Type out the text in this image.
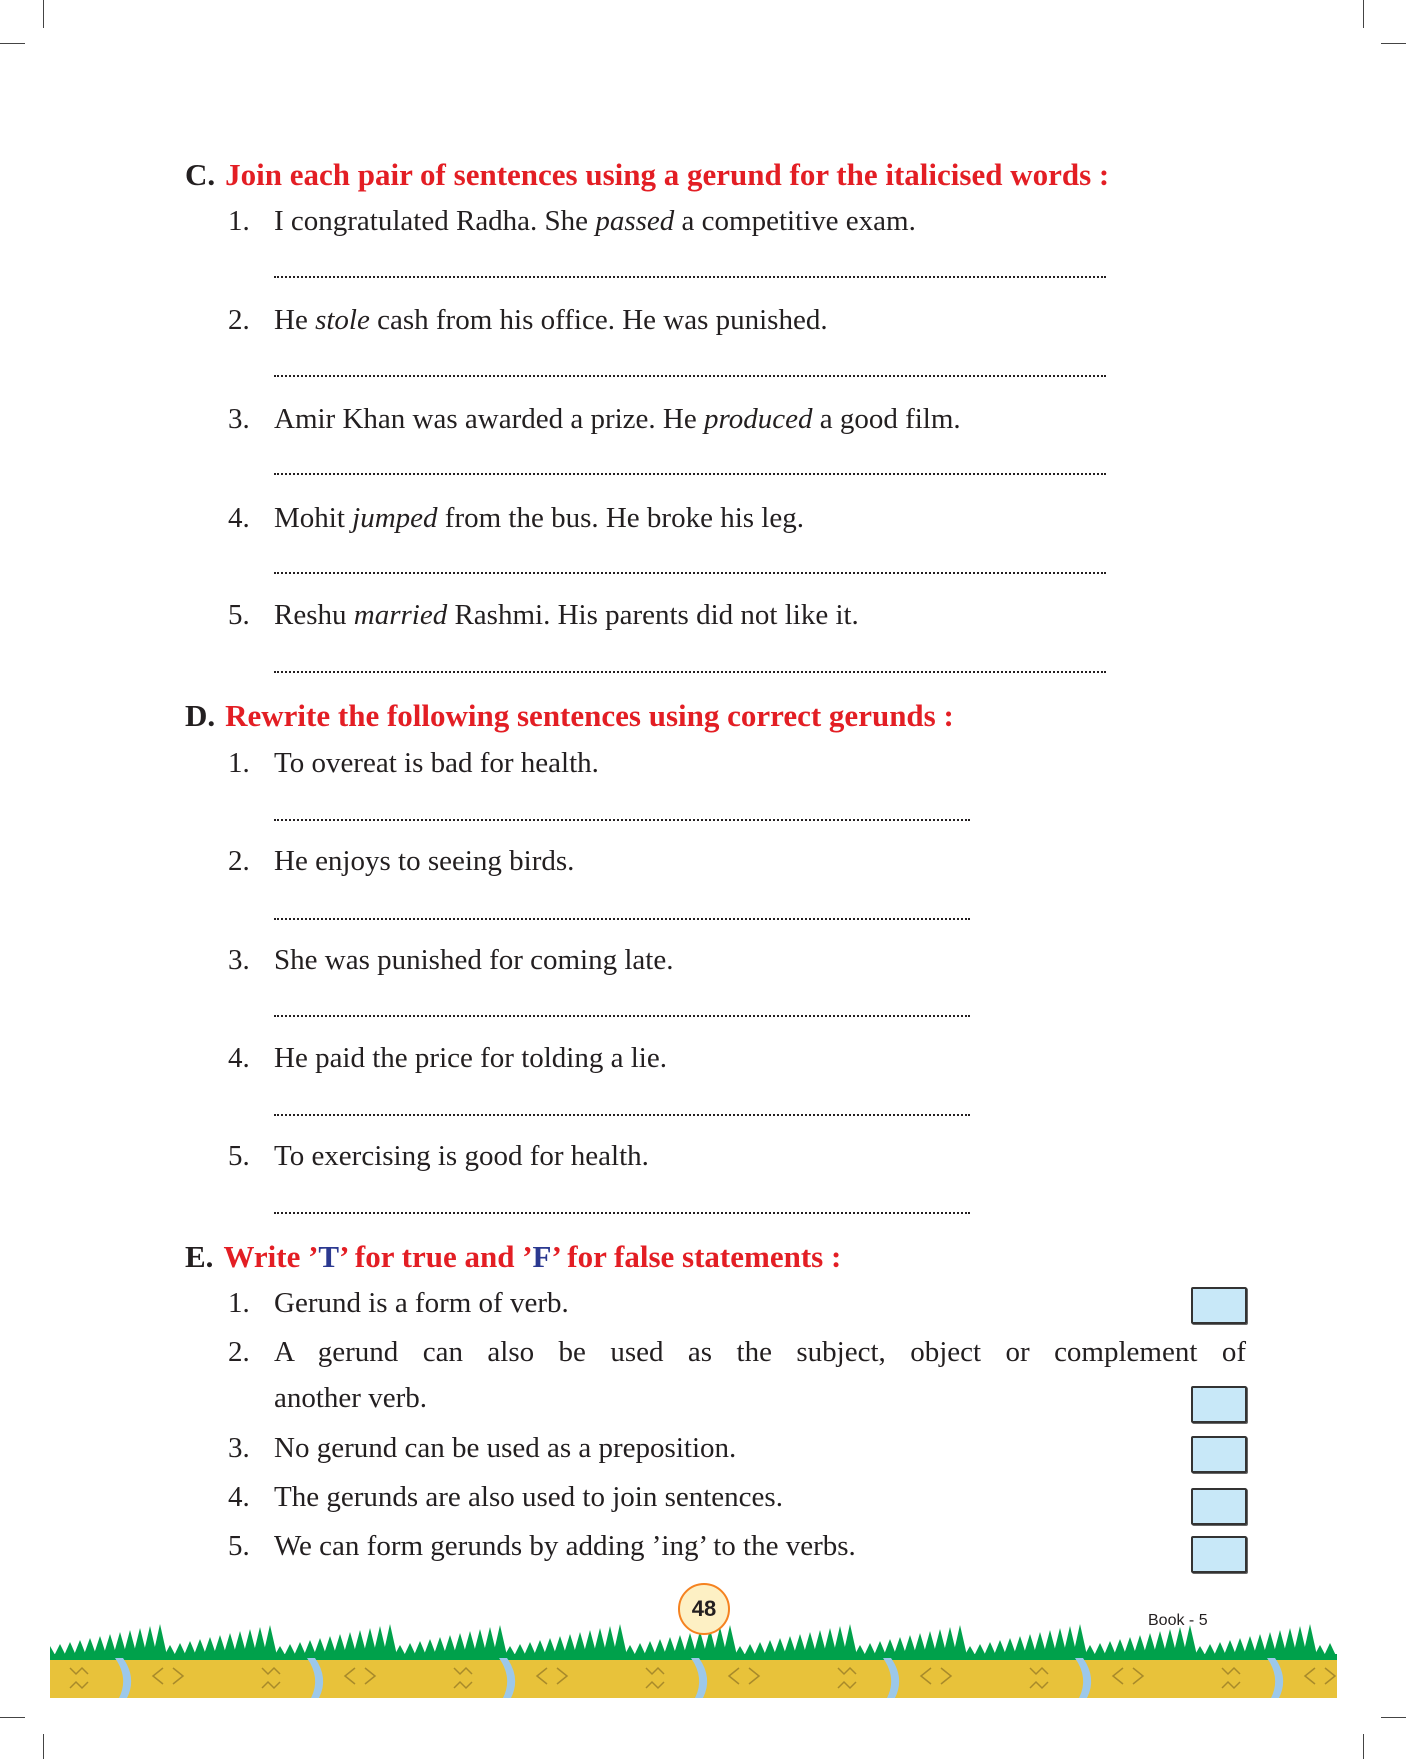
C. Join each pair of sentences using a gerund for the italicised words :
1. I congratulated Radha. She passed a competitive exam.
2. He stole cash from his office. He was punished.
3. Amir Khan was awarded a prize. He produced a good film.
4. Mohit jumped from the bus. He broke his leg.
5. Reshu married Rashmi. His parents did not like it.
D. Rewrite the following sentences using correct gerunds :
1. To overeat is bad for health.
2. He enjoys to seeing birds.
3. She was punished for coming late.
4. He paid the price for tolding a lie.
5. To exercising is good for health.
E. Write ’T’ for true and ’F’ for false statements :
1. Gerund is a form of verb.
2. A gerund can also be used as the subject, object or complement of
another verb.
3. No gerund can be used as a preposition.
4. The gerunds are also used to join sentences.
5. We can form gerunds by adding ’ing’ to the verbs.
48	Book - 5
